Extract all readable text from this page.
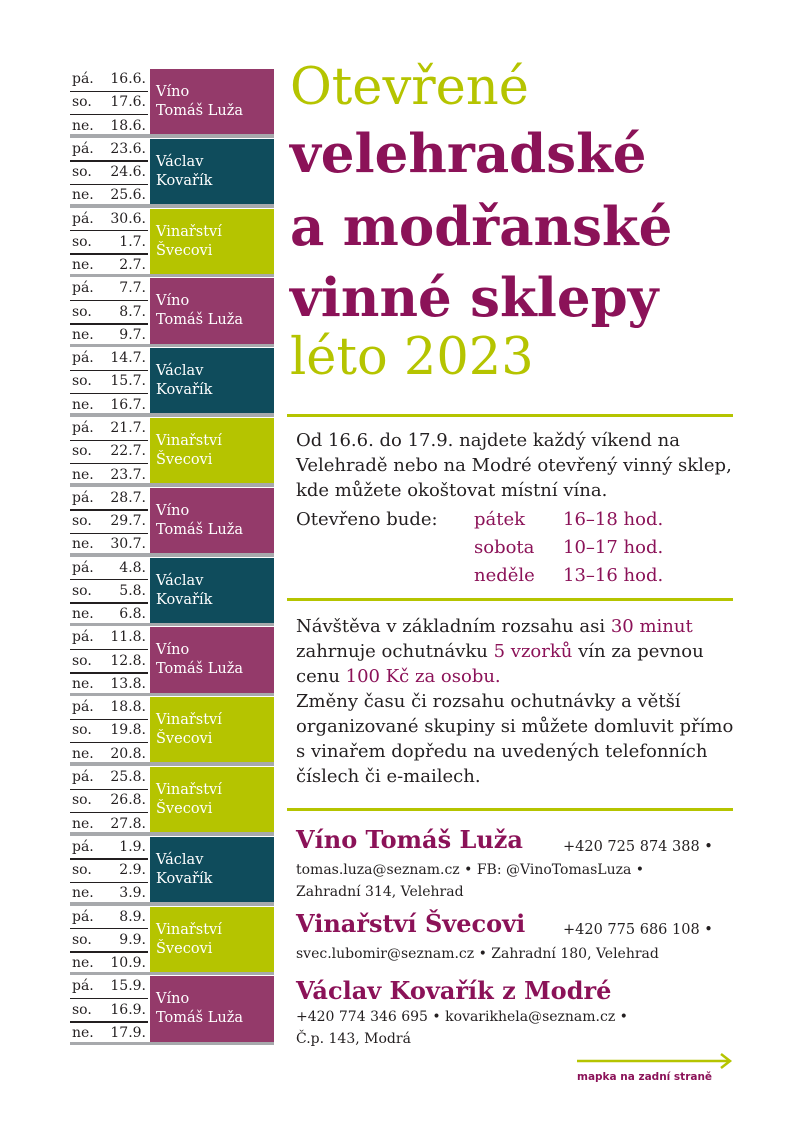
pá. 16.6.
so. 17.6.
ne. 18.6.
Víno
Tomáš Luža
pá. 23.6.
so. 24.6.
ne. 25.6.
Václav
Kovařík
pá. 30.6.
so. 1.7.
ne. 2.7.
Vinařství
Švecovi
pá. 7.7.
so. 8.7.
ne. 9.7.
Víno
Tomáš Luža
pá. 14.7.
so. 15.7.
ne. 16.7.
Václav
Kovařík
pá. 21.7.
so. 22.7.
ne. 23.7.
Vinařství
Švecovi
pá. 28.7.
so. 29.7.
ne. 30.7.
Víno
Tomáš Luža
pá. 4.8.
so. 5.8.
ne. 6.8.
Václav
Kovařík
pá. 11.8.
so. 12.8.
ne. 13.8.
Víno
Tomáš Luža
pá. 18.8.
so. 19.8.
ne. 20.8.
Vinařství
Švecovi
pá. 25.8.
so. 26.8.
ne. 27.8.
Vinařství
Švecovi
pá. 1.9.
so. 2.9.
ne. 3.9.
Václav
Kovařík
pá. 8.9.
so. 9.9.
ne. 10.9.
Vinařství
Švecovi
pá. 15.9.
so. 16.9.
ne. 17.9.
Víno
Tomáš Luža
Otevřené
velehradské
a modřanské
vinné sklepy
léto 2023
Od 16.6. do 17.9. najdete každý víkend na Velehradě nebo na Modré otevřený vinný sklep, kde můžete okoštovat místní vína.
Otevřeno bude: pátek 16–18 hod.
sobota 10–17 hod.
neděle 13–16 hod.
Návštěva v základním rozsahu asi 30 minut zahrnuje ochutnávku 5 vzorků vín za pevnou cenu 100 Kč za osobu.
Změny času či rozsahu ochutnávky a větší organizované skupiny si můžete domluvit přímo s vinařem dopředu na uvedených telefonních číslech či e-mailech.
Víno Tomáš Luža	+420 725 874 388 •
tomas.luza@seznam.cz • FB: @VinoTomasLuza •
Zahradní 314, Velehrad
Vinařství Švecovi	+420 775 686 108 •
svec.lubomir@seznam.cz • Zahradní 180, Velehrad
Václav Kovařík z Modré
+420 774 346 695 • kovarikhela@seznam.cz •
Č.p. 143, Modrá
mapka na zadní straně
